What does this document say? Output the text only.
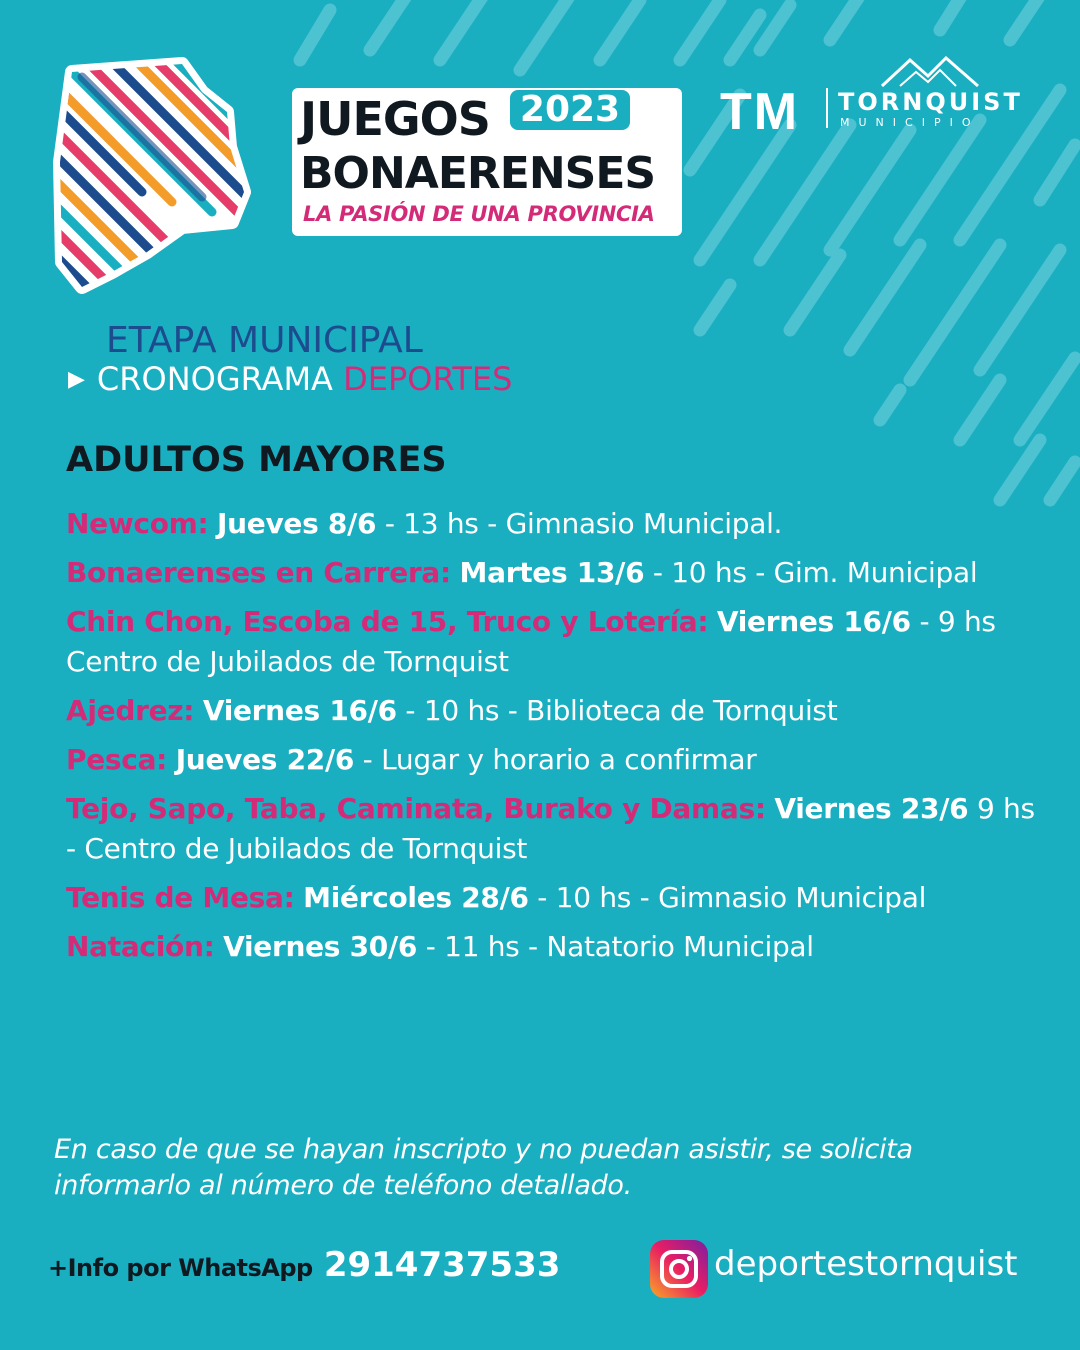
JUEGOS 2023
BONAERENSES
LA PASIÓN DE UNA PROVINCIA
TM TORNQUIST
MUNICIPIO
ETAPA MUNICIPAL
▶ CRONOGRAMA DEPORTES
ADULTOS MAYORES
Newcom: Jueves 8/6 - 13 hs - Gimnasio Municipal.
Bonaerenses en Carrera: Martes 13/6 - 10 hs - Gim. Municipal
Chin Chon, Escoba de 15, Truco y Lotería: Viernes 16/6 - 9 hs Centro de Jubilados de Tornquist
Ajedrez: Viernes 16/6 - 10 hs - Biblioteca de Tornquist
Pesca: Jueves 22/6 - Lugar y horario a confirmar
Tejo, Sapo, Taba, Caminata, Burako y Damas: Viernes 23/6 9 hs - Centro de Jubilados de Tornquist
Tenis de Mesa: Miércoles 28/6 - 10 hs - Gimnasio Municipal
Natación: Viernes 30/6 - 11 hs - Natatorio Municipal
En caso de que se hayan inscripto y no puedan asistir, se solicita informarlo al número de teléfono detallado.
+Info por WhatsApp 2914737533	deportestornquist
